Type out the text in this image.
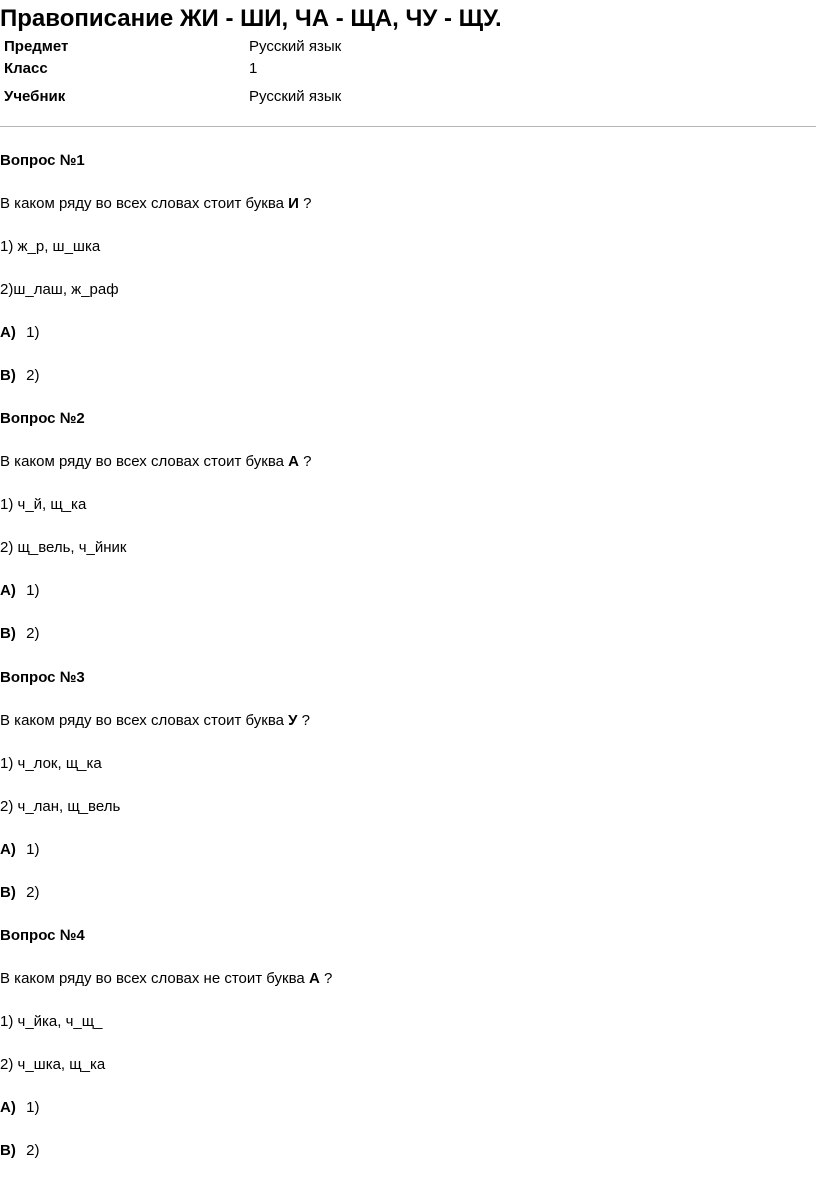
Правописание ЖИ - ШИ, ЧА - ЩА, ЧУ - ЩУ.
Предмет	Русский язык
Класс	1
Учебник	Русский язык
Вопрос №1
В каком ряду во всех словах стоит буква И ?
1) ж_р, ш_шка
2)ш_лаш, ж_раф
А) 1)
В) 2)
Вопрос №2
В каком ряду во всех словах стоит буква А ?
1) ч_й, щ_ка
2) щ_вель, ч_йник
А) 1)
В) 2)
Вопрос №3
В каком ряду во всех словах стоит буква У ?
1) ч_лок, щ_ка
2) ч_лан, щ_вель
А) 1)
В) 2)
Вопрос №4
В каком ряду во всех словах не стоит буква А ?
1) ч_йка, ч_щ_
2) ч_шка, щ_ка
А) 1)
В) 2)
